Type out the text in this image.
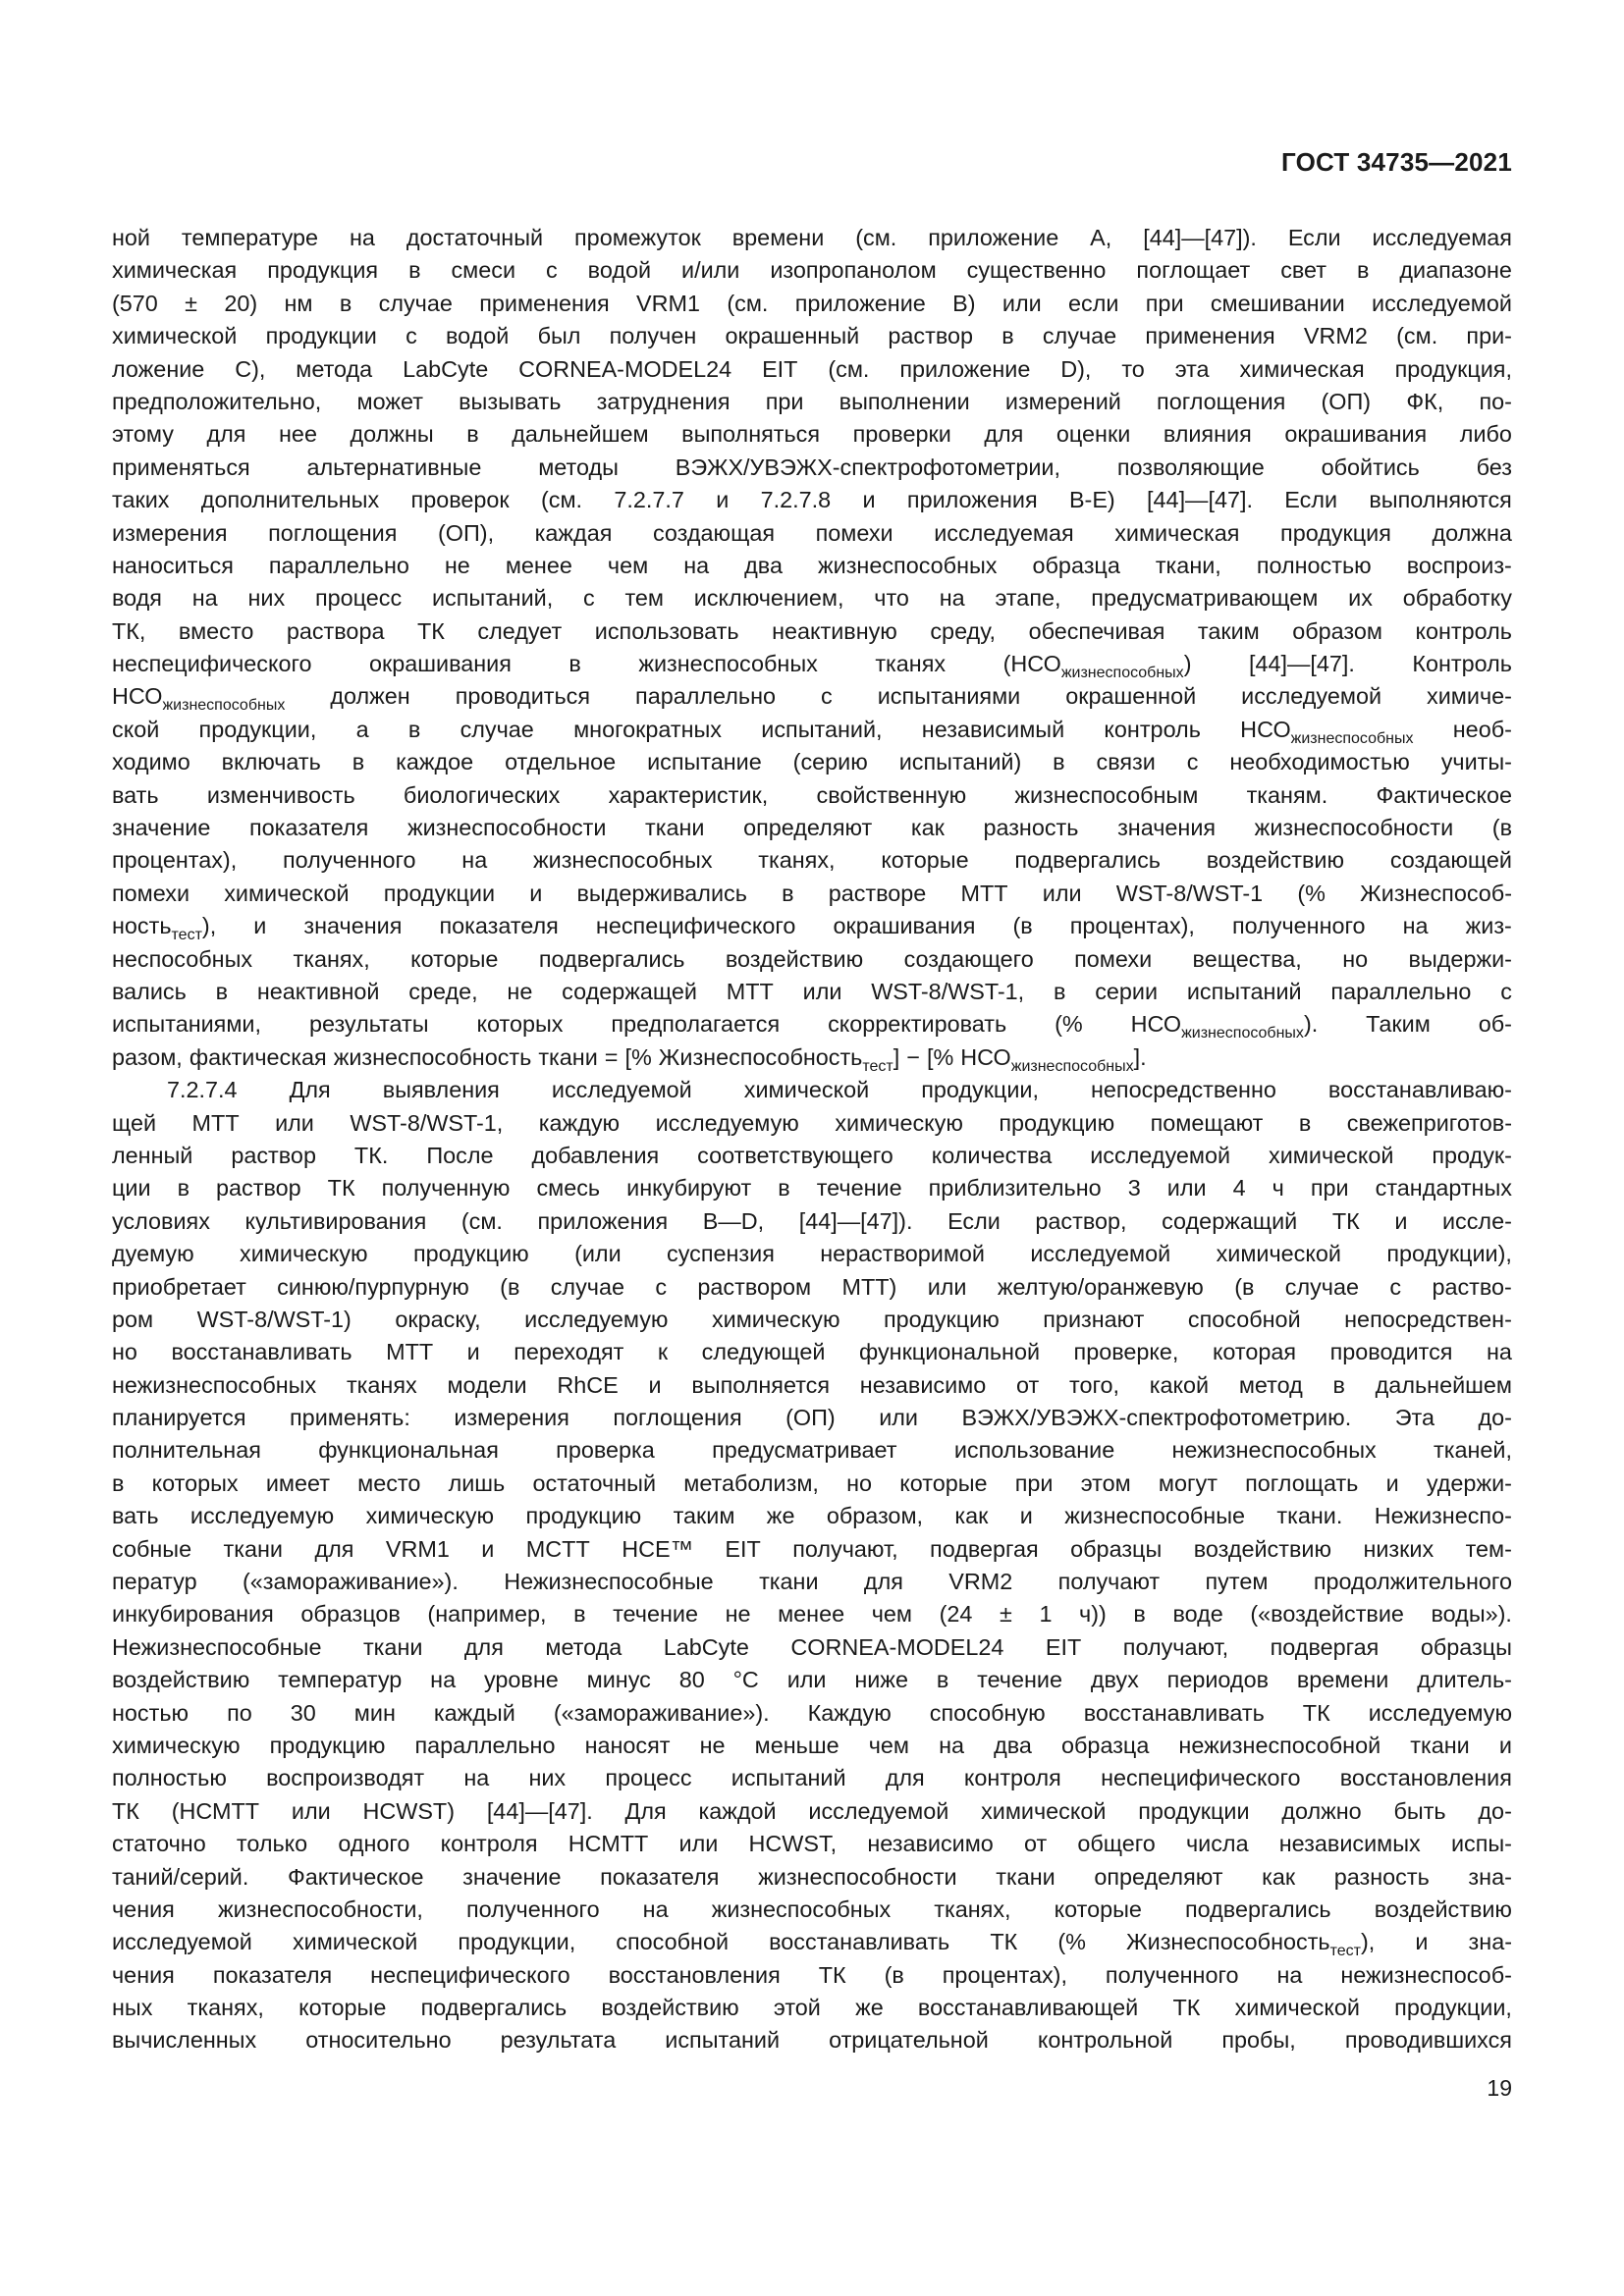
ГОСТ 34735—2021
ной температуре на достаточный промежуток времени (см. приложение А, [44]—[47]). Если исследуемая
химическая продукция в смеси с водой и/или изопропанолом существенно поглощает свет в диапазоне
(570 ± 20) нм в случае применения VRM1 (см. приложение В) или если при смешивании исследуемой
химической продукции с водой был получен окрашенный раствор в случае применения VRM2 (см. при-
ложение С), метода LabCyte CORNEA-MODEL24 EIT (см. приложение D), то эта химическая продукция,
предположительно, может вызывать затруднения при выполнении измерений поглощения (ОП) ФК, по-
этому для нее должны в дальнейшем выполняться проверки для оценки влияния окрашивания либо
применяться альтернативные методы ВЭЖХ/УВЭЖХ-спектрофотометрии, позволяющие обойтись без
таких дополнительных проверок (см. 7.2.7.7 и 7.2.7.8 и приложения В-Е) [44]—[47]. Если выполняются
измерения поглощения (ОП), каждая создающая помехи исследуемая химическая продукция должна
наноситься параллельно не менее чем на два жизнеспособных образца ткани, полностью воспроиз-
водя на них процесс испытаний, с тем исключением, что на этапе, предусматривающем их обработку
ТК, вместо раствора ТК следует использовать неактивную среду, обеспечивая таким образом контроль
неспецифического окрашивания в жизнеспособных тканях $(НСО_{жизнеспособных})$ [44]—[47]. Контроль
$НСО_{жизнеспособных}$ должен проводиться параллельно с испытаниями окрашенной исследуемой химиче-
ской продукции, а в случае многократных испытаний, независимый контроль $НСО_{жизнеспособных}$ необ-
ходимо включать в каждое отдельное испытание (серию испытаний) в связи с необходимостью учиты-
вать изменчивость биологических характеристик, свойственную жизнеспособным тканям. Фактическое
значение показателя жизнеспособности ткани определяют как разность значения жизнеспособности (в
процентах), полученного на жизнеспособных тканях, которые подвергались воздействию создающей
помехи химической продукции и выдерживались в растворе МТТ или WST-8/WST-1 (% Жизнеспособ-
ность$_{тест}$), и значения показателя неспецифического окрашивания (в процентах), полученного на жиз-
неспособных тканях, которые подвергались воздействию создающего помехи вещества, но выдержи-
вались в неактивной среде, не содержащей МТТ или WST-8/WST-1, в серии испытаний параллельно с
испытаниями, результаты которых предполагается скорректировать (% $НСО_{жизнеспособных}$). Таким об-
разом, фактическая жизнеспособность ткани = [% Жизнеспособность$_{тест}$] − [% $НСО_{жизнеспособных}$].
7.2.7.4 Для выявления исследуемой химической продукции, непосредственно восстанавливаю-
щей МТТ или WST-8/WST-1, каждую исследуемую химическую продукцию помещают в свежеприготов-
ленный раствор ТК. После добавления соответствующего количества исследуемой химической продук-
ции в раствор ТК полученную смесь инкубируют в течение приблизительно 3 или 4 ч при стандартных
условиях культивирования (см. приложения В—D, [44]—[47]). Если раствор, содержащий ТК и иссле-
дуемую химическую продукцию (или суспензия нерастворимой исследуемой химической продукции),
приобретает синюю/пурпурную (в случае с раствором МТТ) или желтую/оранжевую (в случае с раство-
ром WST-8/WST-1) окраску, исследуемую химическую продукцию признают способной непосредствен-
но восстанавливать МТТ и переходят к следующей функциональной проверке, которая проводится на
нежизнеспособных тканях модели RhCE и выполняется независимо от того, какой метод в дальнейшем
планируется применять: измерения поглощения (ОП) или ВЭЖХ/УВЭЖХ-спектрофотометрию. Эта до-
полнительная функциональная проверка предусматривает использование нежизнеспособных тканей,
в которых имеет место лишь остаточный метаболизм, но которые при этом могут поглощать и удержи-
вать исследуемую химическую продукцию таким же образом, как и жизнеспособные ткани. Нежизнеспо-
собные ткани для VRM1 и MCTT HCE™ EIT получают, подвергая образцы воздействию низких тем-
ператур («замораживание»). Нежизнеспособные ткани для VRM2 получают путем продолжительного
инкубирования образцов (например, в течение не менее чем (24 ± 1 ч)) в воде («воздействие воды»).
Нежизнеспособные ткани для метода LabCyte CORNEA-MODEL24 EIT получают, подвергая образцы
воздействию температур на уровне минус 80 °С или ниже в течение двух периодов времени длитель-
ностью по 30 мин каждый («замораживание»). Каждую способную восстанавливать ТК исследуемую
химическую продукцию параллельно наносят не меньше чем на два образца нежизнеспособной ткани и
полностью воспроизводят на них процесс испытаний для контроля неспецифического восстановления
ТК (НСМТТ или НСWST) [44]—[47]. Для каждой исследуемой химической продукции должно быть до-
статочно только одного контроля НСМТТ или НСWST, независимо от общего числа независимых испы-
таний/серий. Фактическое значение показателя жизнеспособности ткани определяют как разность зна-
чения жизнеспособности, полученного на жизнеспособных тканях, которые подвергались воздействию
исследуемой химической продукции, способной восстанавливать ТК (% Жизнеспособность$_{тест}$), и зна-
чения показателя неспецифического восстановления ТК (в процентах), полученного на нежизнеспособ-
ных тканях, которые подвергались воздействию этой же восстанавливающей ТК химической продукции,
вычисленных относительно результата испытаний отрицательной контрольной пробы, проводившихся
19
